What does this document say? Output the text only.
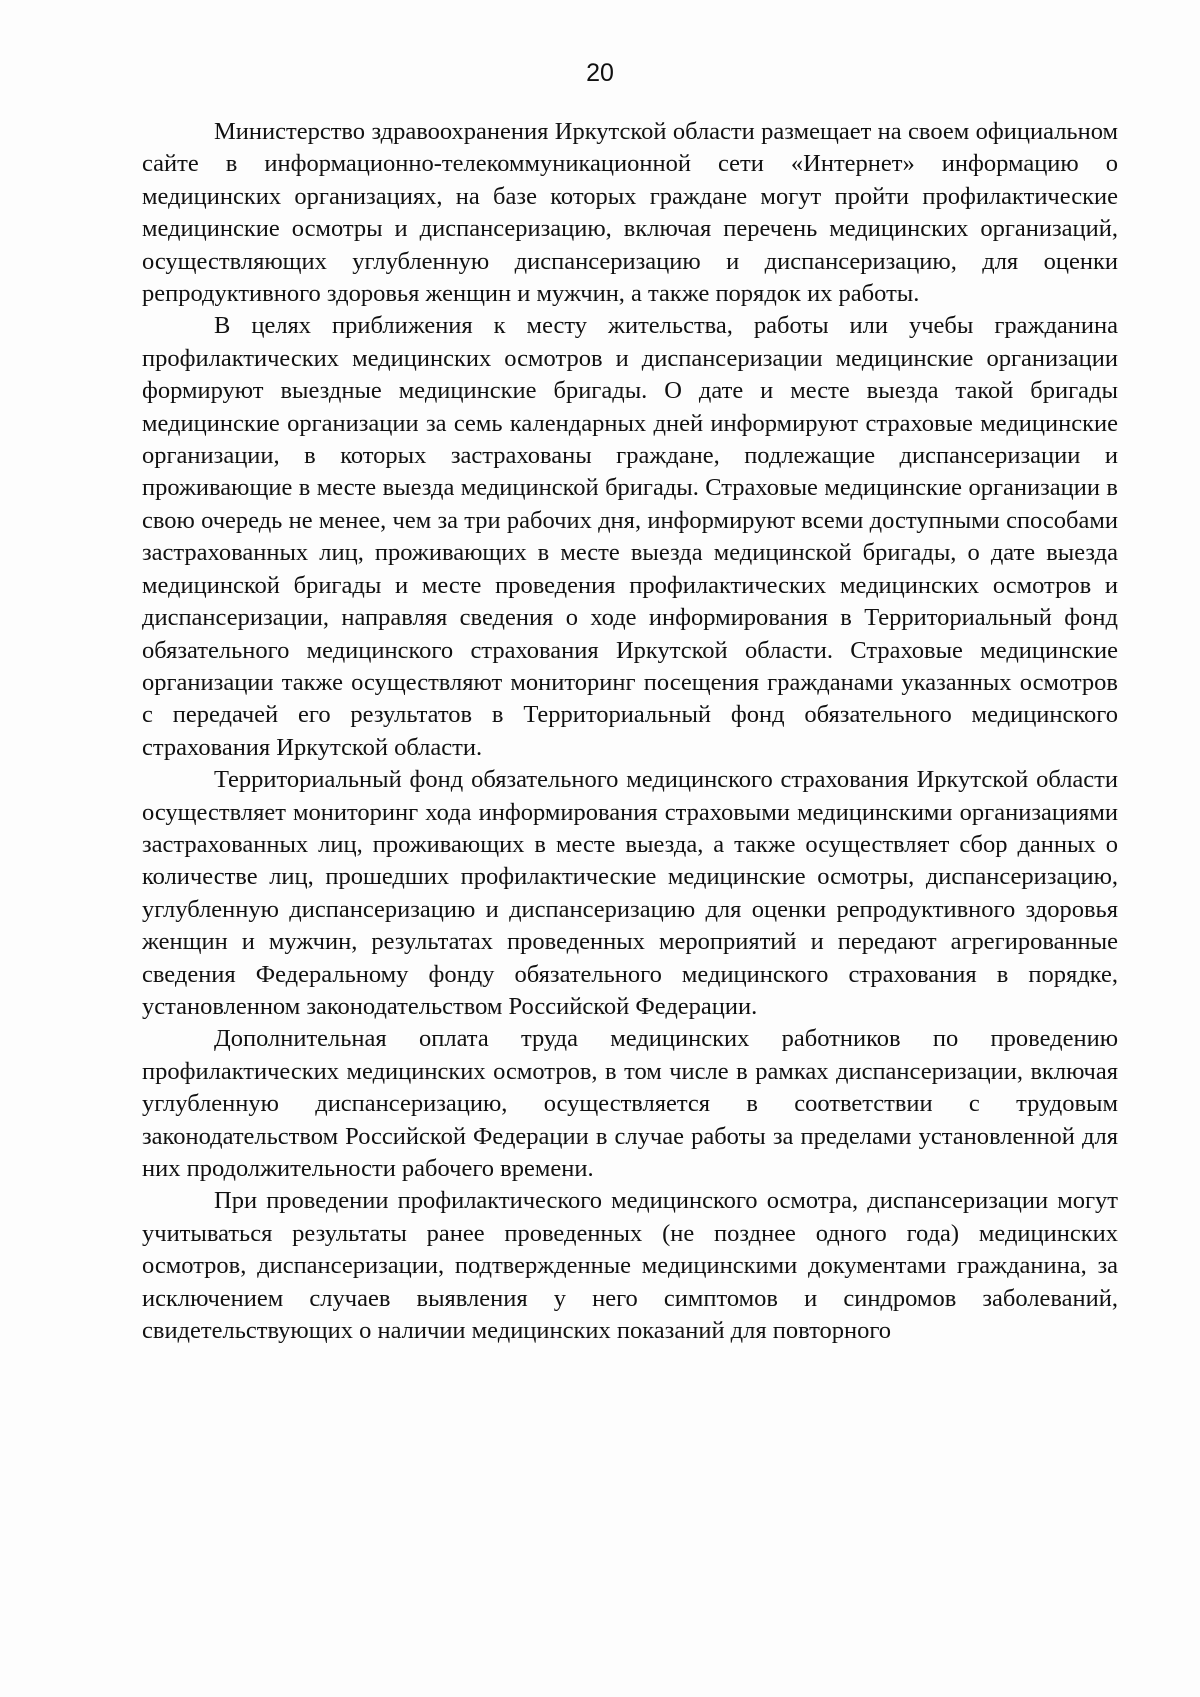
20

Министерство здравоохранения Иркутской области размещает на своем официальном сайте в информационно-телекоммуникационной сети «Интернет» информацию о медицинских организациях, на базе которых граждане могут пройти профилактические медицинские осмотры и диспансеризацию, включая перечень медицинских организаций, осуществляющих углубленную диспансеризацию и диспансеризацию, для оценки репродуктивного здоровья женщин и мужчин, а также порядок их работы.

В целях приближения к месту жительства, работы или учебы гражданина профилактических медицинских осмотров и диспансеризации медицинские организации формируют выездные медицинские бригады. О дате и месте выезда такой бригады медицинские организации за семь календарных дней информируют страховые медицинские организации, в которых застрахованы граждане, подлежащие диспансеризации и проживающие в месте выезда медицинской бригады. Страховые медицинские организации в свою очередь не менее, чем за три рабочих дня, информируют всеми доступными способами застрахованных лиц, проживающих в месте выезда медицинской бригады, о дате выезда медицинской бригады и месте проведения профилактических медицинских осмотров и диспансеризации, направляя сведения о ходе информирования в Территориальный фонд обязательного медицинского страхования Иркутской области. Страховые медицинские организации также осуществляют мониторинг посещения гражданами указанных осмотров с передачей его результатов в Территориальный фонд обязательного медицинского страхования Иркутской области.

Территориальный фонд обязательного медицинского страхования Иркутской области осуществляет мониторинг хода информирования страховыми медицинскими организациями застрахованных лиц, проживающих в месте выезда, а также осуществляет сбор данных о количестве лиц, прошедших профилактические медицинские осмотры, диспансеризацию, углубленную диспансеризацию и диспансеризацию для оценки репродуктивного здоровья женщин и мужчин, результатах проведенных мероприятий и передают агрегированные сведения Федеральному фонду обязательного медицинского страхования в порядке, установленном законодательством Российской Федерации.

Дополнительная оплата труда медицинских работников по проведению профилактических медицинских осмотров, в том числе в рамках диспансеризации, включая углубленную диспансеризацию, осуществляется в соответствии с трудовым законодательством Российской Федерации в случае работы за пределами установленной для них продолжительности рабочего времени.

При проведении профилактического медицинского осмотра, диспансеризации могут учитываться результаты ранее проведенных (не позднее одного года) медицинских осмотров, диспансеризации, подтвержденные медицинскими документами гражданина, за исключением случаев выявления у него симптомов и синдромов заболеваний, свидетельствующих о наличии медицинских показаний для повторного
